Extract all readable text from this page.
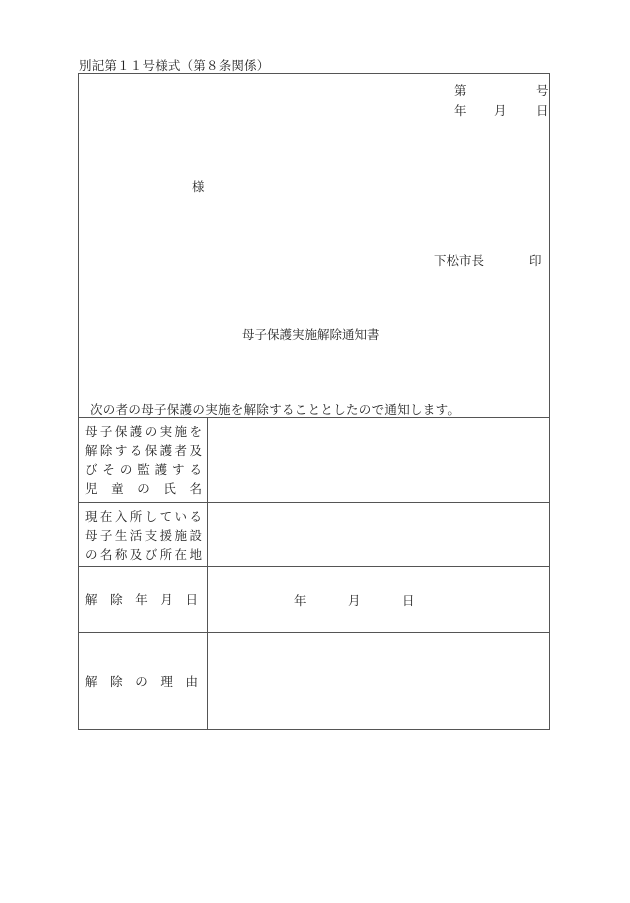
別記第１１号様式（第８条関係）
第	号
年 月 日
様
下松市長	印
母子保護実施解除通知書
次の者の母子保護の実施を解除することとしたので通知します。
母 子 保 護 の 実 施 を
解 除 す る 保 護 者 及
び そ の 監 護 す る
児 童 の 氏 名
現 在 入 所 し て い る
母 子 生 活 支 援 施 設
の 名 称 及 び 所 在 地
解 除 年 月 日	年	月	日
解 除 の 理 由
